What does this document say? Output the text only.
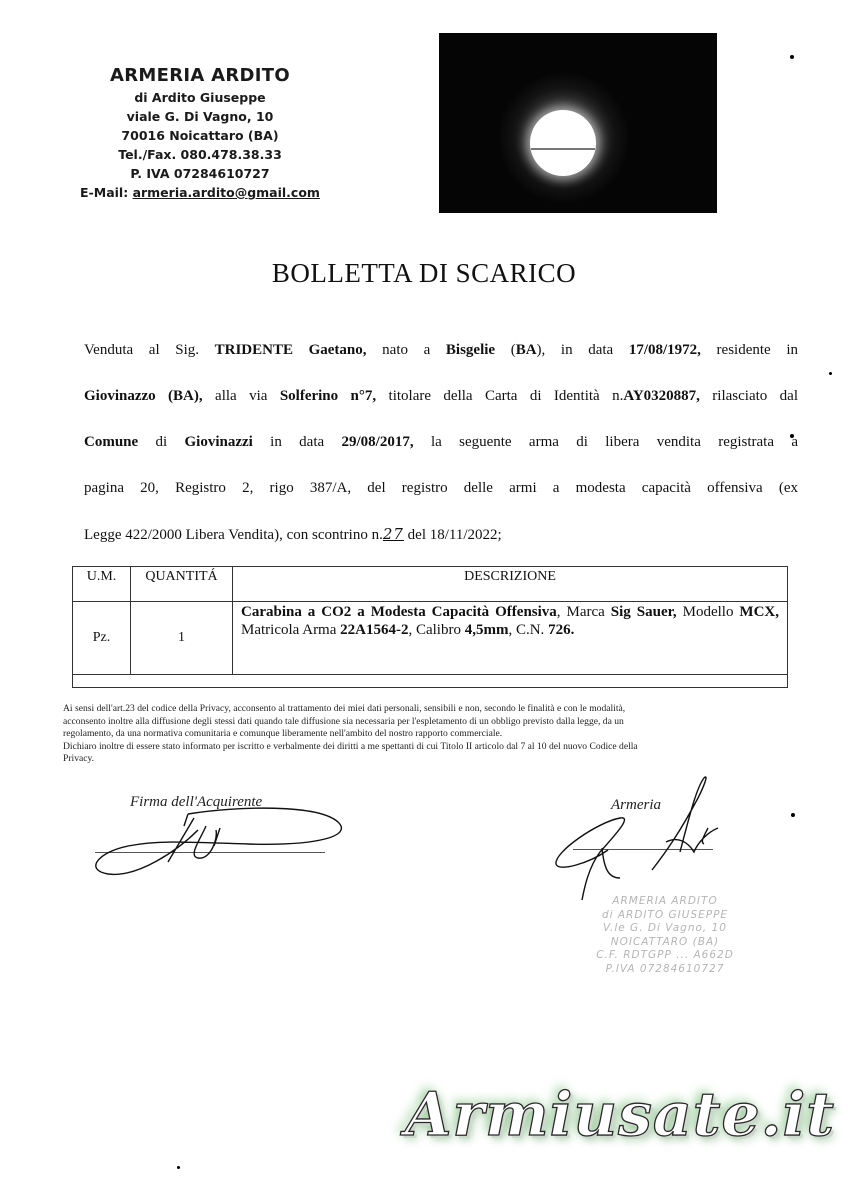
ARMERIA ARDITO
di Ardito Giuseppe
viale G. Di Vagno, 10
70016 Noicattaro (BA)
Tel./Fax. 080.478.38.33
P. IVA 07284610727
E-Mail: armeria.ardito@gmail.com
BOLLETTA DI SCARICO
Venduta al Sig. TRIDENTE Gaetano, nato a Bisgelie (BA), in data 17/08/1972, residente in
Giovinazzo (BA), alla via Solferino n°7, titolare della Carta di Identità n.AY0320887, rilasciato dal
Comune di Giovinazzi in data 29/08/2017, la seguente arma di libera vendita registrata a
pagina 20, Registro 2, rigo 387/A, del registro delle armi a modesta capacità offensiva (ex
Legge 422/2000 Libera Vendita), con scontrino n.27 del 18/11/2022;
U.M.	QUANTITÁ	DESCRIZIONE
Pz.	1	Carabina a CO2 a Modesta Capacità Offensiva, Marca Sig Sauer, Modello MCX, Matricola Arma 22A1564-2, Calibro 4,5mm, C.N. 726.

Ai sensi dell'art.23 del codice della Privacy, acconsento al trattamento dei miei dati personali, sensibili e non, secondo le finalità e con le modalità,
acconsento inoltre alla diffusione degli stessi dati quando tale diffusione sia necessaria per l'espletamento di un obbligo previsto dalla legge, da un
regolamento, da una normativa comunitaria e comunque liberamente nell'ambito del nostro rapporto commerciale.
Dichiaro inoltre di essere stato informato per iscritto e verbalmente dei diritti a me spettanti di cui Titolo II articolo dal 7 al 10 del nuovo Codice della
Privacy.
Firma dell'Acquirente	Armeria
ARMERIA ARDITO
di ARDITO GIUSEPPE
V.le G. Di Vagno, 10
NOICATTARO (BA)
C.F. RDTGPP ... A662D
P.IVA 07284610727
Armiusate.it
